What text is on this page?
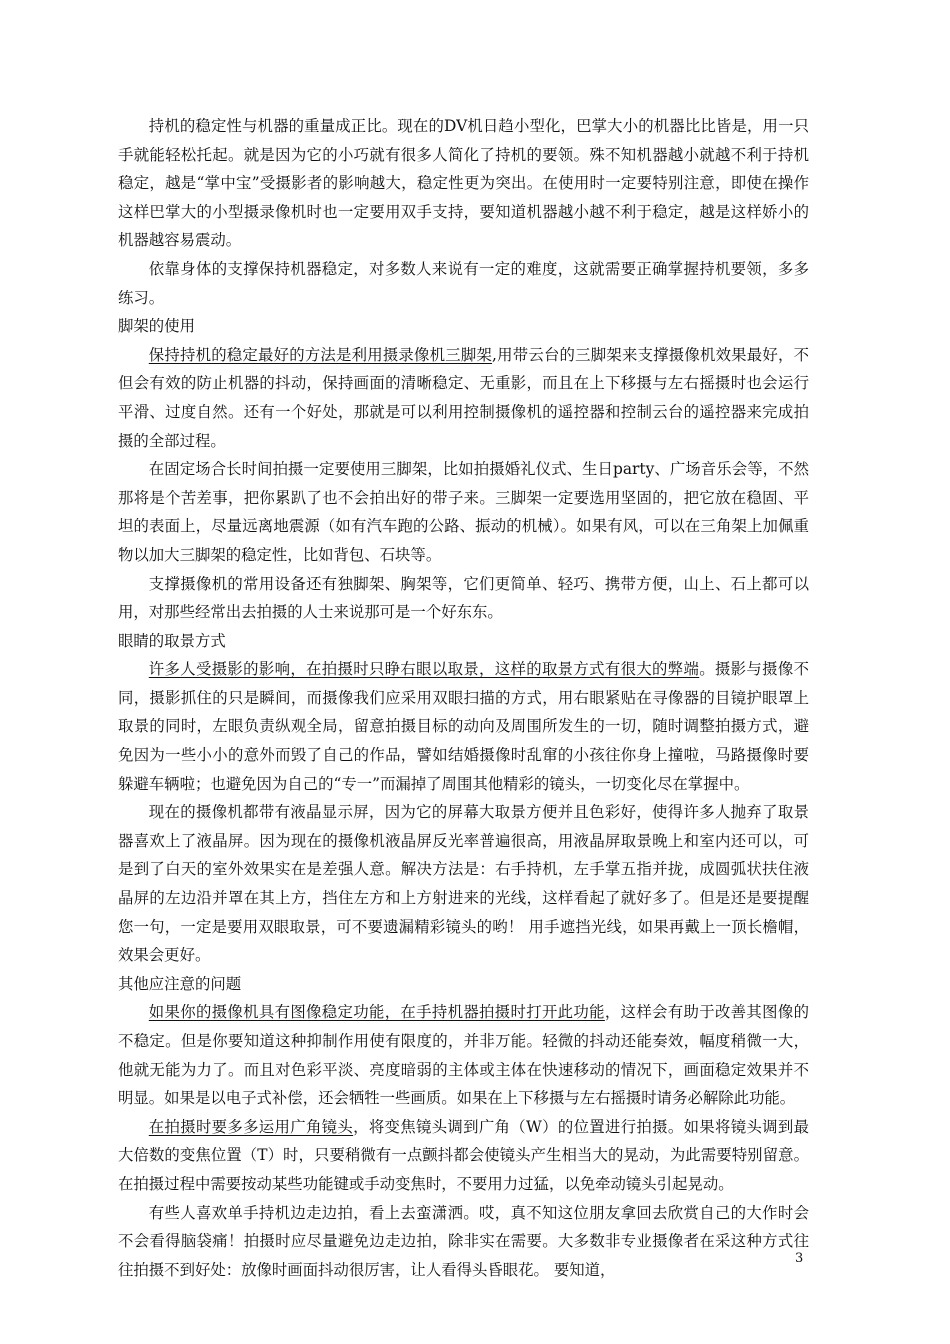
持机的稳定性与机器的重量成正比。现在的DV机日趋小型化，巴掌大小的机器比比皆是，用一只手就能轻松托起。就是因为它的小巧就有很多人简化了持机的要领。殊不知机器越小就越不利于持机稳定，越是“掌中宝”受摄影者的影响越大，稳定性更为突出。在使用时一定要特别注意，即使在操作这样巴掌大的小型摄录像机时也一定要用双手支持，要知道机器越小越不利于稳定，越是这样娇小的机器越容易震动。

依靠身体的支撑保持机器稳定，对多数人来说有一定的难度，这就需要正确掌握持机要领，多多练习。

脚架的使用

保持持机的稳定最好的方法是利用摄录像机三脚架,用带云台的三脚架来支撑摄像机效果最好，不但会有效的防止机器的抖动，保持画面的清晰稳定、无重影，而且在上下移摄与左右摇摄时也会运行平滑、过度自然。还有一个好处，那就是可以利用控制摄像机的遥控器和控制云台的遥控器来完成拍摄的全部过程。

在固定场合长时间拍摄一定要使用三脚架，比如拍摄婚礼仪式、生日party、广场音乐会等，不然那将是个苦差事，把你累趴了也不会拍出好的带子来。三脚架一定要选用坚固的，把它放在稳固、平坦的表面上，尽量远离地震源（如有汽车跑的公路、振动的机械）。如果有风，可以在三角架上加佩重物以加大三脚架的稳定性，比如背包、石块等。

支撑摄像机的常用设备还有独脚架、胸架等，它们更简单、轻巧、携带方便，山上、石上都可以用，对那些经常出去拍摄的人士来说那可是一个好东东。

眼睛的取景方式

许多人受摄影的影响，在拍摄时只睁右眼以取景，这样的取景方式有很大的弊端。摄影与摄像不同，摄影抓住的只是瞬间，而摄像我们应采用双眼扫描的方式，用右眼紧贴在寻像器的目镜护眼罩上取景的同时，左眼负责纵观全局，留意拍摄目标的动向及周围所发生的一切，随时调整拍摄方式，避免因为一些小小的意外而毁了自己的作品，譬如结婚摄像时乱窜的小孩往你身上撞啦，马路摄像时要躲避车辆啦；也避免因为自己的“专一”而漏掉了周围其他精彩的镜头，一切变化尽在掌握中。

现在的摄像机都带有液晶显示屏，因为它的屏幕大取景方便并且色彩好，使得许多人抛弃了取景器喜欢上了液晶屏。因为现在的摄像机液晶屏反光率普遍很高，用液晶屏取景晚上和室内还可以，可是到了白天的室外效果实在是差强人意。解决方法是：右手持机，左手掌五指并拢，成圆弧状扶住液晶屏的左边沿并罩在其上方，挡住左方和上方射进来的光线，这样看起了就好多了。但是还是要提醒您一句，一定是要用双眼取景，可不要遗漏精彩镜头的哟！ 用手遮挡光线，如果再戴上一顶长檐帽，效果会更好。

其他应注意的问题

如果你的摄像机具有图像稳定功能，在手持机器拍摄时打开此功能，这样会有助于改善其图像的不稳定。但是你要知道这种抑制作用使有限度的，并非万能。轻微的抖动还能奏效，幅度稍微一大，他就无能为力了。而且对色彩平淡、亮度暗弱的主体或主体在快速移动的情况下，画面稳定效果并不明显。如果是以电子式补偿，还会牺牲一些画质。如果在上下移摄与左右摇摄时请务必解除此功能。

在拍摄时要多多运用广角镜头，将变焦镜头调到广角（W）的位置进行拍摄。如果将镜头调到最大倍数的变焦位置（T）时，只要稍微有一点颤抖都会使镜头产生相当大的晃动，为此需要特别留意。在拍摄过程中需要按动某些功能键或手动变焦时，不要用力过猛，以免牵动镜头引起晃动。

有些人喜欢单手持机边走边拍，看上去蛮潇洒。哎，真不知这位朋友拿回去欣赏自己的大作时会不会看得脑袋痛！拍摄时应尽量避免边走边拍，除非实在需要。大多数非专业摄像者在采这种方式往往拍摄不到好处：放像时画面抖动很厉害，让人看得头昏眼花。 要知道，

3
